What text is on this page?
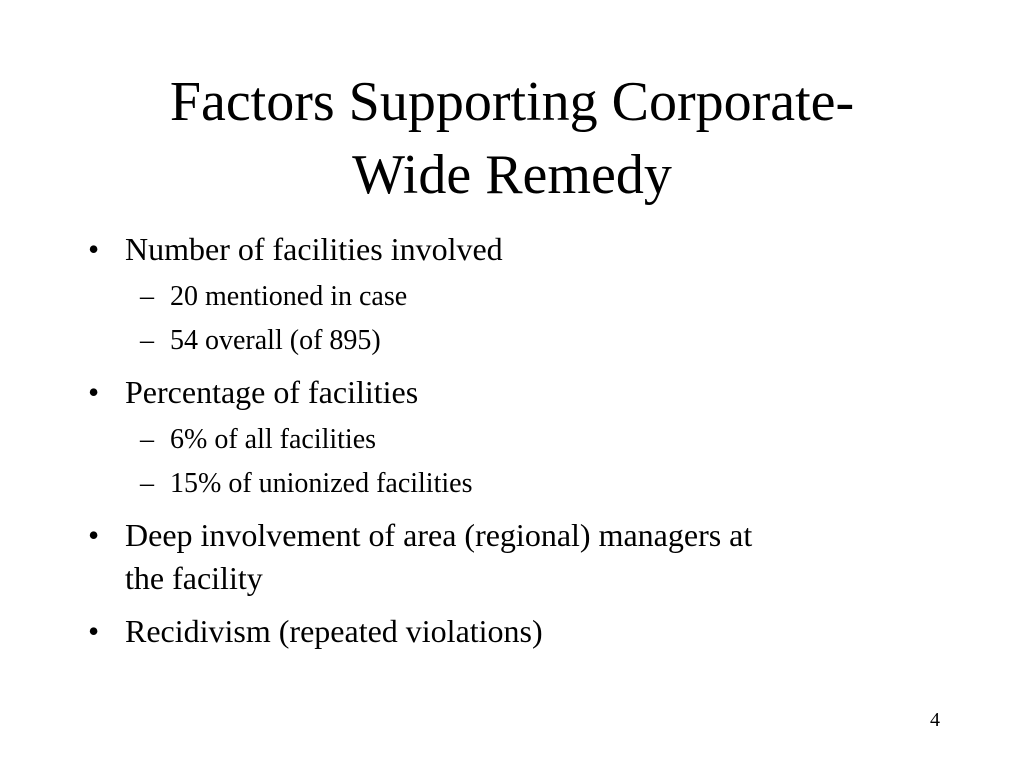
Factors Supporting Corporate-
Wide Remedy
• Number of facilities involved
– 20 mentioned in case
– 54 overall (of 895)
• Percentage of facilities
– 6% of all facilities
– 15% of unionized facilities
• Deep involvement of area (regional) managers at
the facility
• Recidivism (repeated violations)
4
